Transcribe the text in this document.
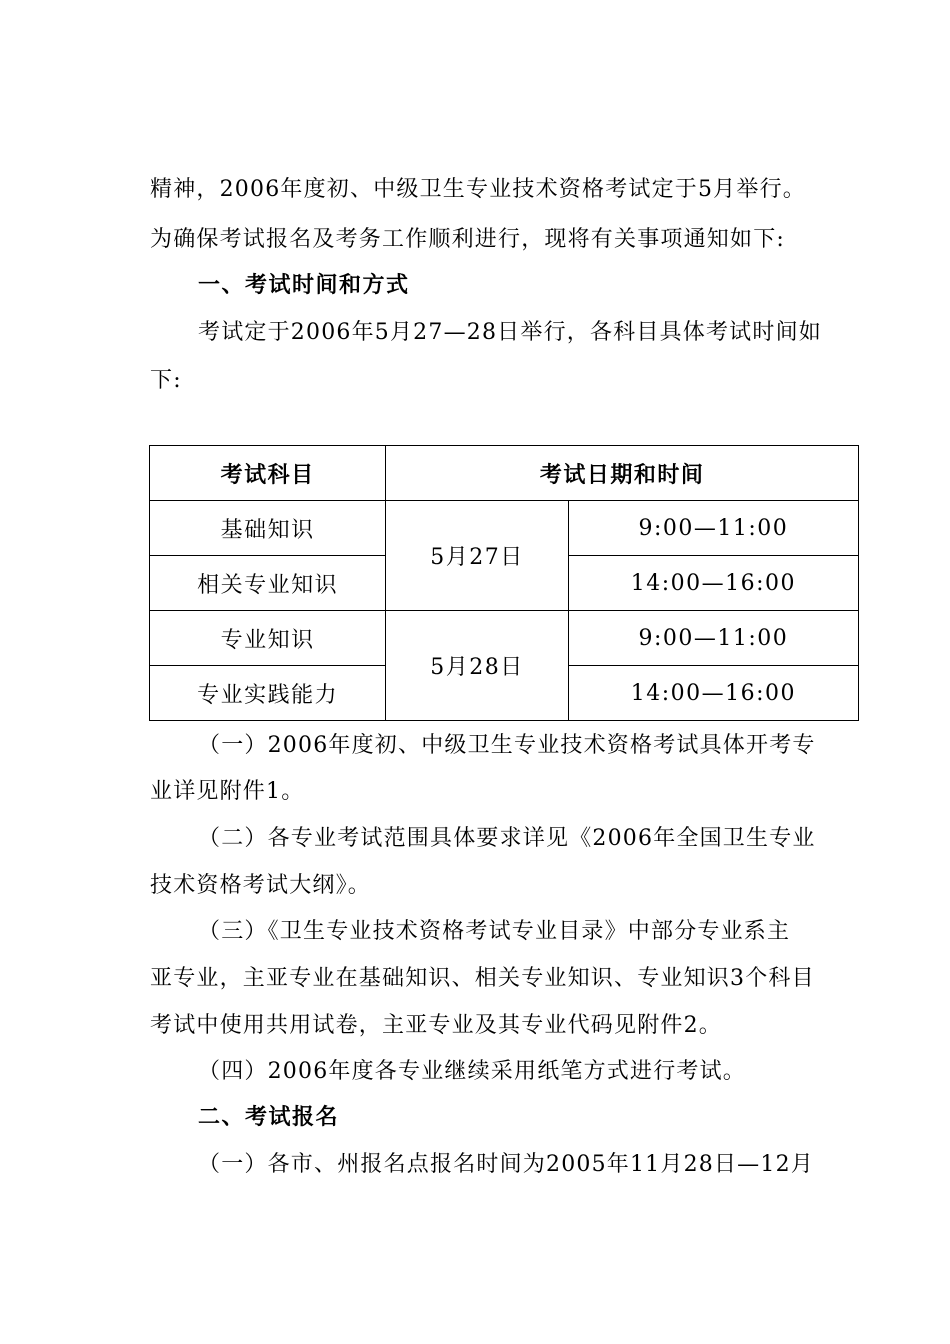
精神，2006年度初、中级卫生专业技术资格考试定于5月举行。
为确保考试报名及考务工作顺利进行，现将有关事项通知如下:
一、考试时间和方式
考试定于2006年5月27—28日举行，各科目具体考试时间如
下:
考试科目	考试日期和时间	
基础知识	5月27日	9:00—11:00
相关专业知识		14:00—16:00
专业知识	5月28日	9:00—11:00
专业实践能力		14:00—16:00
（一）2006年度初、中级卫生专业技术资格考试具体开考专
业详见附件1。
（二）各专业考试范围具体要求详见《2006年全国卫生专业
技术资格考试大纲》。
（三）《卫生专业技术资格考试专业目录》中部分专业系主
亚专业，主亚专业在基础知识、相关专业知识、专业知识3个科目
考试中使用共用试卷，主亚专业及其专业代码见附件2。
（四）2006年度各专业继续采用纸笔方式进行考试。
二、考试报名
（一）各市、州报名点报名时间为2005年11月28日—12月
